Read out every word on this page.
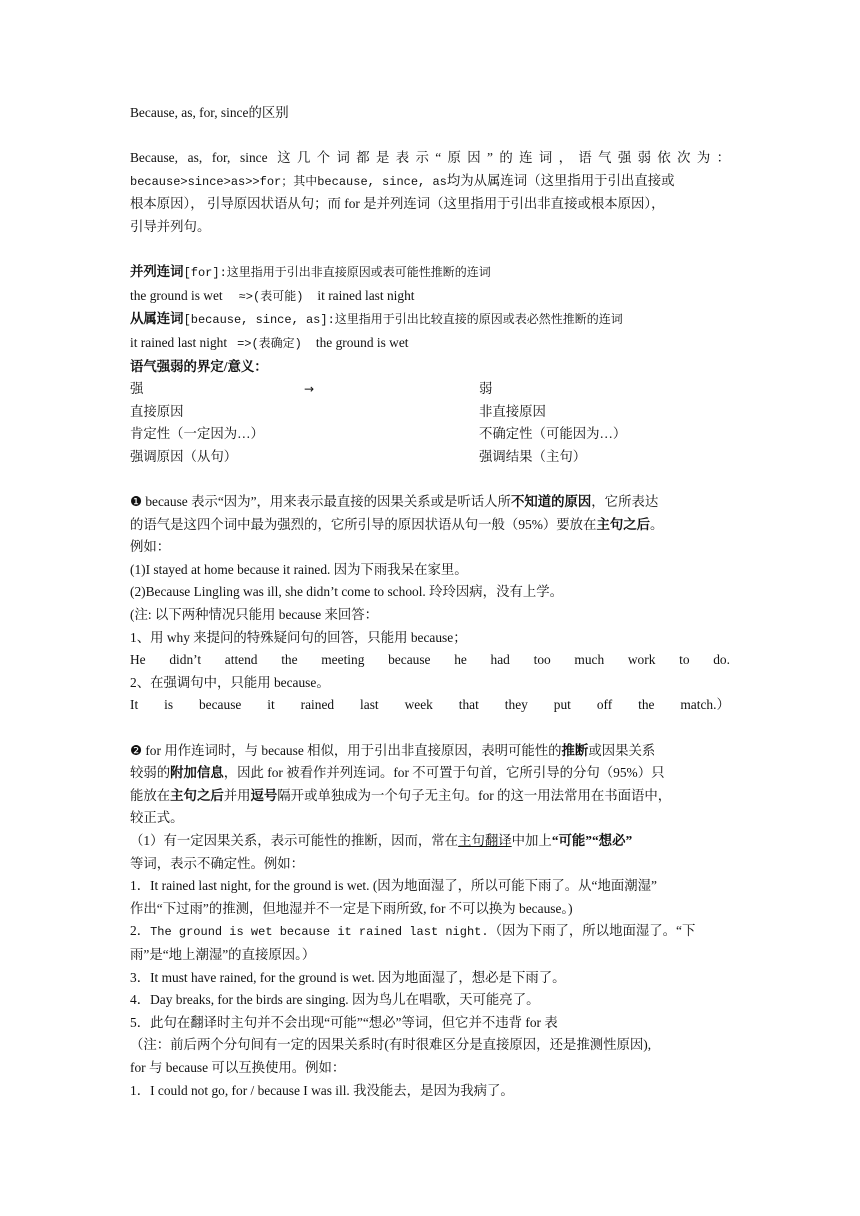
Because, as, for, since的区别

Because, as, for, since 这几个词都是表示“原因”的连词，语气强弱依次为：

because>since>as>>for；其中because, since, as均为从属连词（这里指用于引出直接或

根本原因）， 引导原因状语从句；而 for 是并列连词（这里指用于引出非直接或根本原因），

引导并列句。

并列连词[for]:这里指用于引出非直接原因或表可能性推断的连词

the ground is wet ≈>(表可能) it rained last night

从属连词[because, since, as]:这里指用于引出比较直接的原因或表必然性推断的连词

it rained last night =>(表确定) the ground is wet

语气强弱的界定/意义：

强	→	弱
直接原因	非直接原因
肯定性（一定因为…）	不确定性（可能因为…）
强调原因（从句）	强调结果（主句）

❶ because 表示“因为”，用来表示最直接的因果关系或是听话人所不知道的原因，它所表达

的语气是这四个词中最为强烈的，它所引导的原因状语从句一般（95%）要放在主句之后。

例如：

(1)I stayed at home because it rained. 因为下雨我呆在家里。

(2)Because Lingling was ill, she didn’t come to school. 玲玲因病，没有上学。

(注: 以下两种情况只能用 because 来回答：

1、用 why 来提问的特殊疑问句的回答，只能用 because；

He didn’t attend the meeting because he had too much work to do.

2、在强调句中，只能用 because。

It is because it rained last week that they put off the match.）

❷ for 用作连词时，与 because 相似，用于引出非直接原因，表明可能性的推断或因果关系

较弱的附加信息，因此 for 被看作并列连词。for 不可置于句首，它所引导的分句（95%）只

能放在主句之后并用逗号隔开或单独成为一个句子无主句。for 的这一用法常用在书面语中，

较正式。

（1）有一定因果关系，表示可能性的推断，因而，常在主句翻译中加上“可能”“想必”

等词，表示不确定性。例如：

1．It rained last night, for the ground is wet. (因为地面湿了，所以可能下雨了。从“地面潮湿”

作出“下过雨”的推测，但地湿并不一定是下雨所致, for 不可以换为 because。)

2．The ground is wet because it rained last night.（因为下雨了，所以地面湿了。“下

雨”是“地上潮湿”的直接原因。）

3．It must have rained, for the ground is wet. 因为地面湿了，想必是下雨了。

4．Day breaks, for the birds are singing. 因为鸟儿在唱歌，天可能亮了。

5．此句在翻译时主句并不会出现“可能”“想必”等词，但它并不违背 for 表

（注：前后两个分句间有一定的因果关系时(有时很难区分是直接原因，还是推测性原因),

for 与 because 可以互换使用。例如：

1．I could not go, for / because I was ill. 我没能去，是因为我病了。
